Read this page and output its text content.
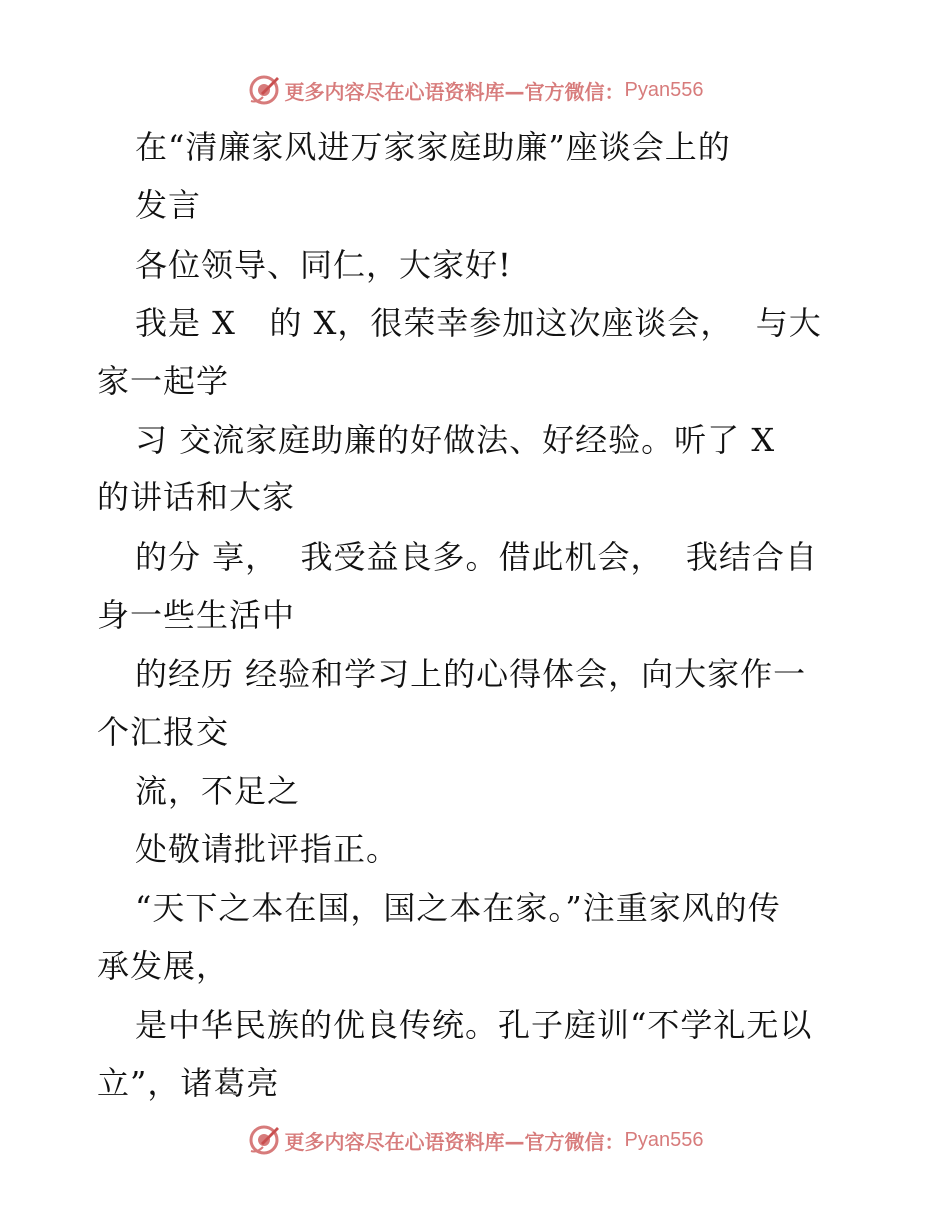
更多内容尽在心语资料库—官方微信： Pyan556
在“清廉家风进万家家庭助廉”座谈会上的
发言
各位领导、同仁，大家好!
我是 X   的 X，很荣幸参加这次座谈会，  与大
家一起学
习 交流家庭助廉的好做法、好经验。听了 X
的讲话和大家
的分 享，  我受益良多。借此机会，  我结合自
身一些生活中
的经历 经验和学习上的心得体会，向大家作一
个汇报交
流，不足之
处敬请批评指正。
“天下之本在国，国之本在家。”注重家风的传
承发展，
是中华民族的优良传统。孔子庭训“不学礼无以
立”，诸葛亮
更多内容尽在心语资料库—官方微信： Pyan556
